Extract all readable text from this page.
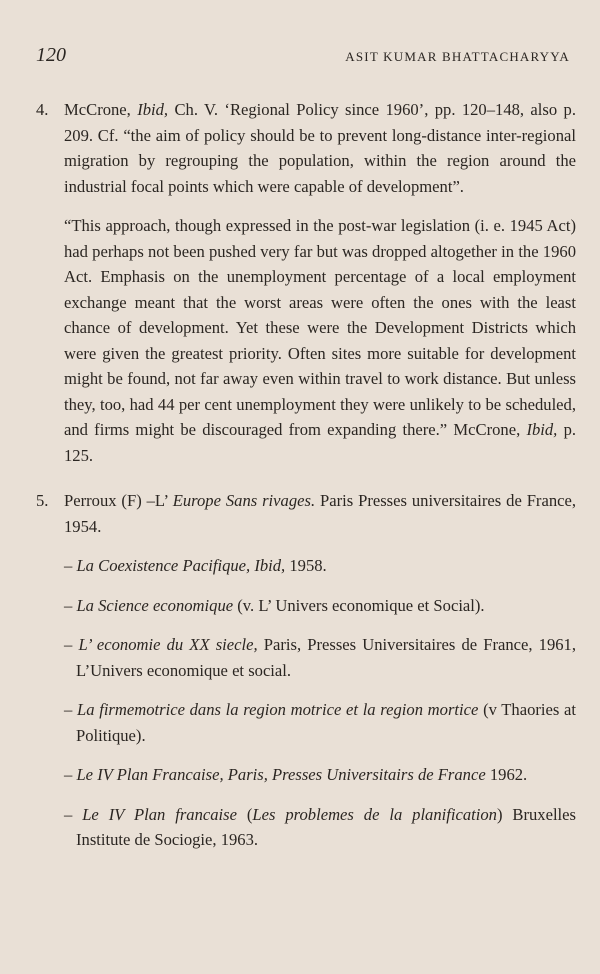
120	ASIT KUMAR BHATTACHARYYA
4. McCrone, Ibid, Ch. V. ‘Regional Policy since 1960’, pp. 120–148, also p. 209. Cf. “the aim of policy should be to prevent long-distance inter-regional migration by regrouping the population, within the region around the industrial focal points which were capable of development”.

“This approach, though expressed in the post-war legislation (i. e. 1945 Act) had perhaps not been pushed very far but was dropped altogether in the 1960 Act. Emphasis on the unemployment percentage of a local employment exchange meant that the worst areas were often the ones with the least chance of development. Yet these were the Development Districts which were given the greatest priority. Often sites more suitable for development might be found, not far away even within travel to work distance. But unless they, too, had 44 per cent unemployment they were unlikely to be scheduled, and firms might be discouraged from expanding there.” McCrone, Ibid, p. 125.

5. Perroux (F) –L’ Europe Sans rivages. Paris Presses universitaires de France, 1954.

– La Coexistence Pacifique, Ibid, 1958.
– La Science economique (v. L’ Univers economique et Social).
– L’ economie du XX siecle, Paris, Presses Universitaires de France, 1961, L’Univers economique et social.
– La firmemotrice dans la region motrice et la region mortice (v Thaories at Politique).
– Le IV Plan Francaise, Paris, Presses Universitairs de France 1962.
– Le IV Plan francaise (Les problemes de la planification) Bruxelles Institute de Sociogie, 1963.
